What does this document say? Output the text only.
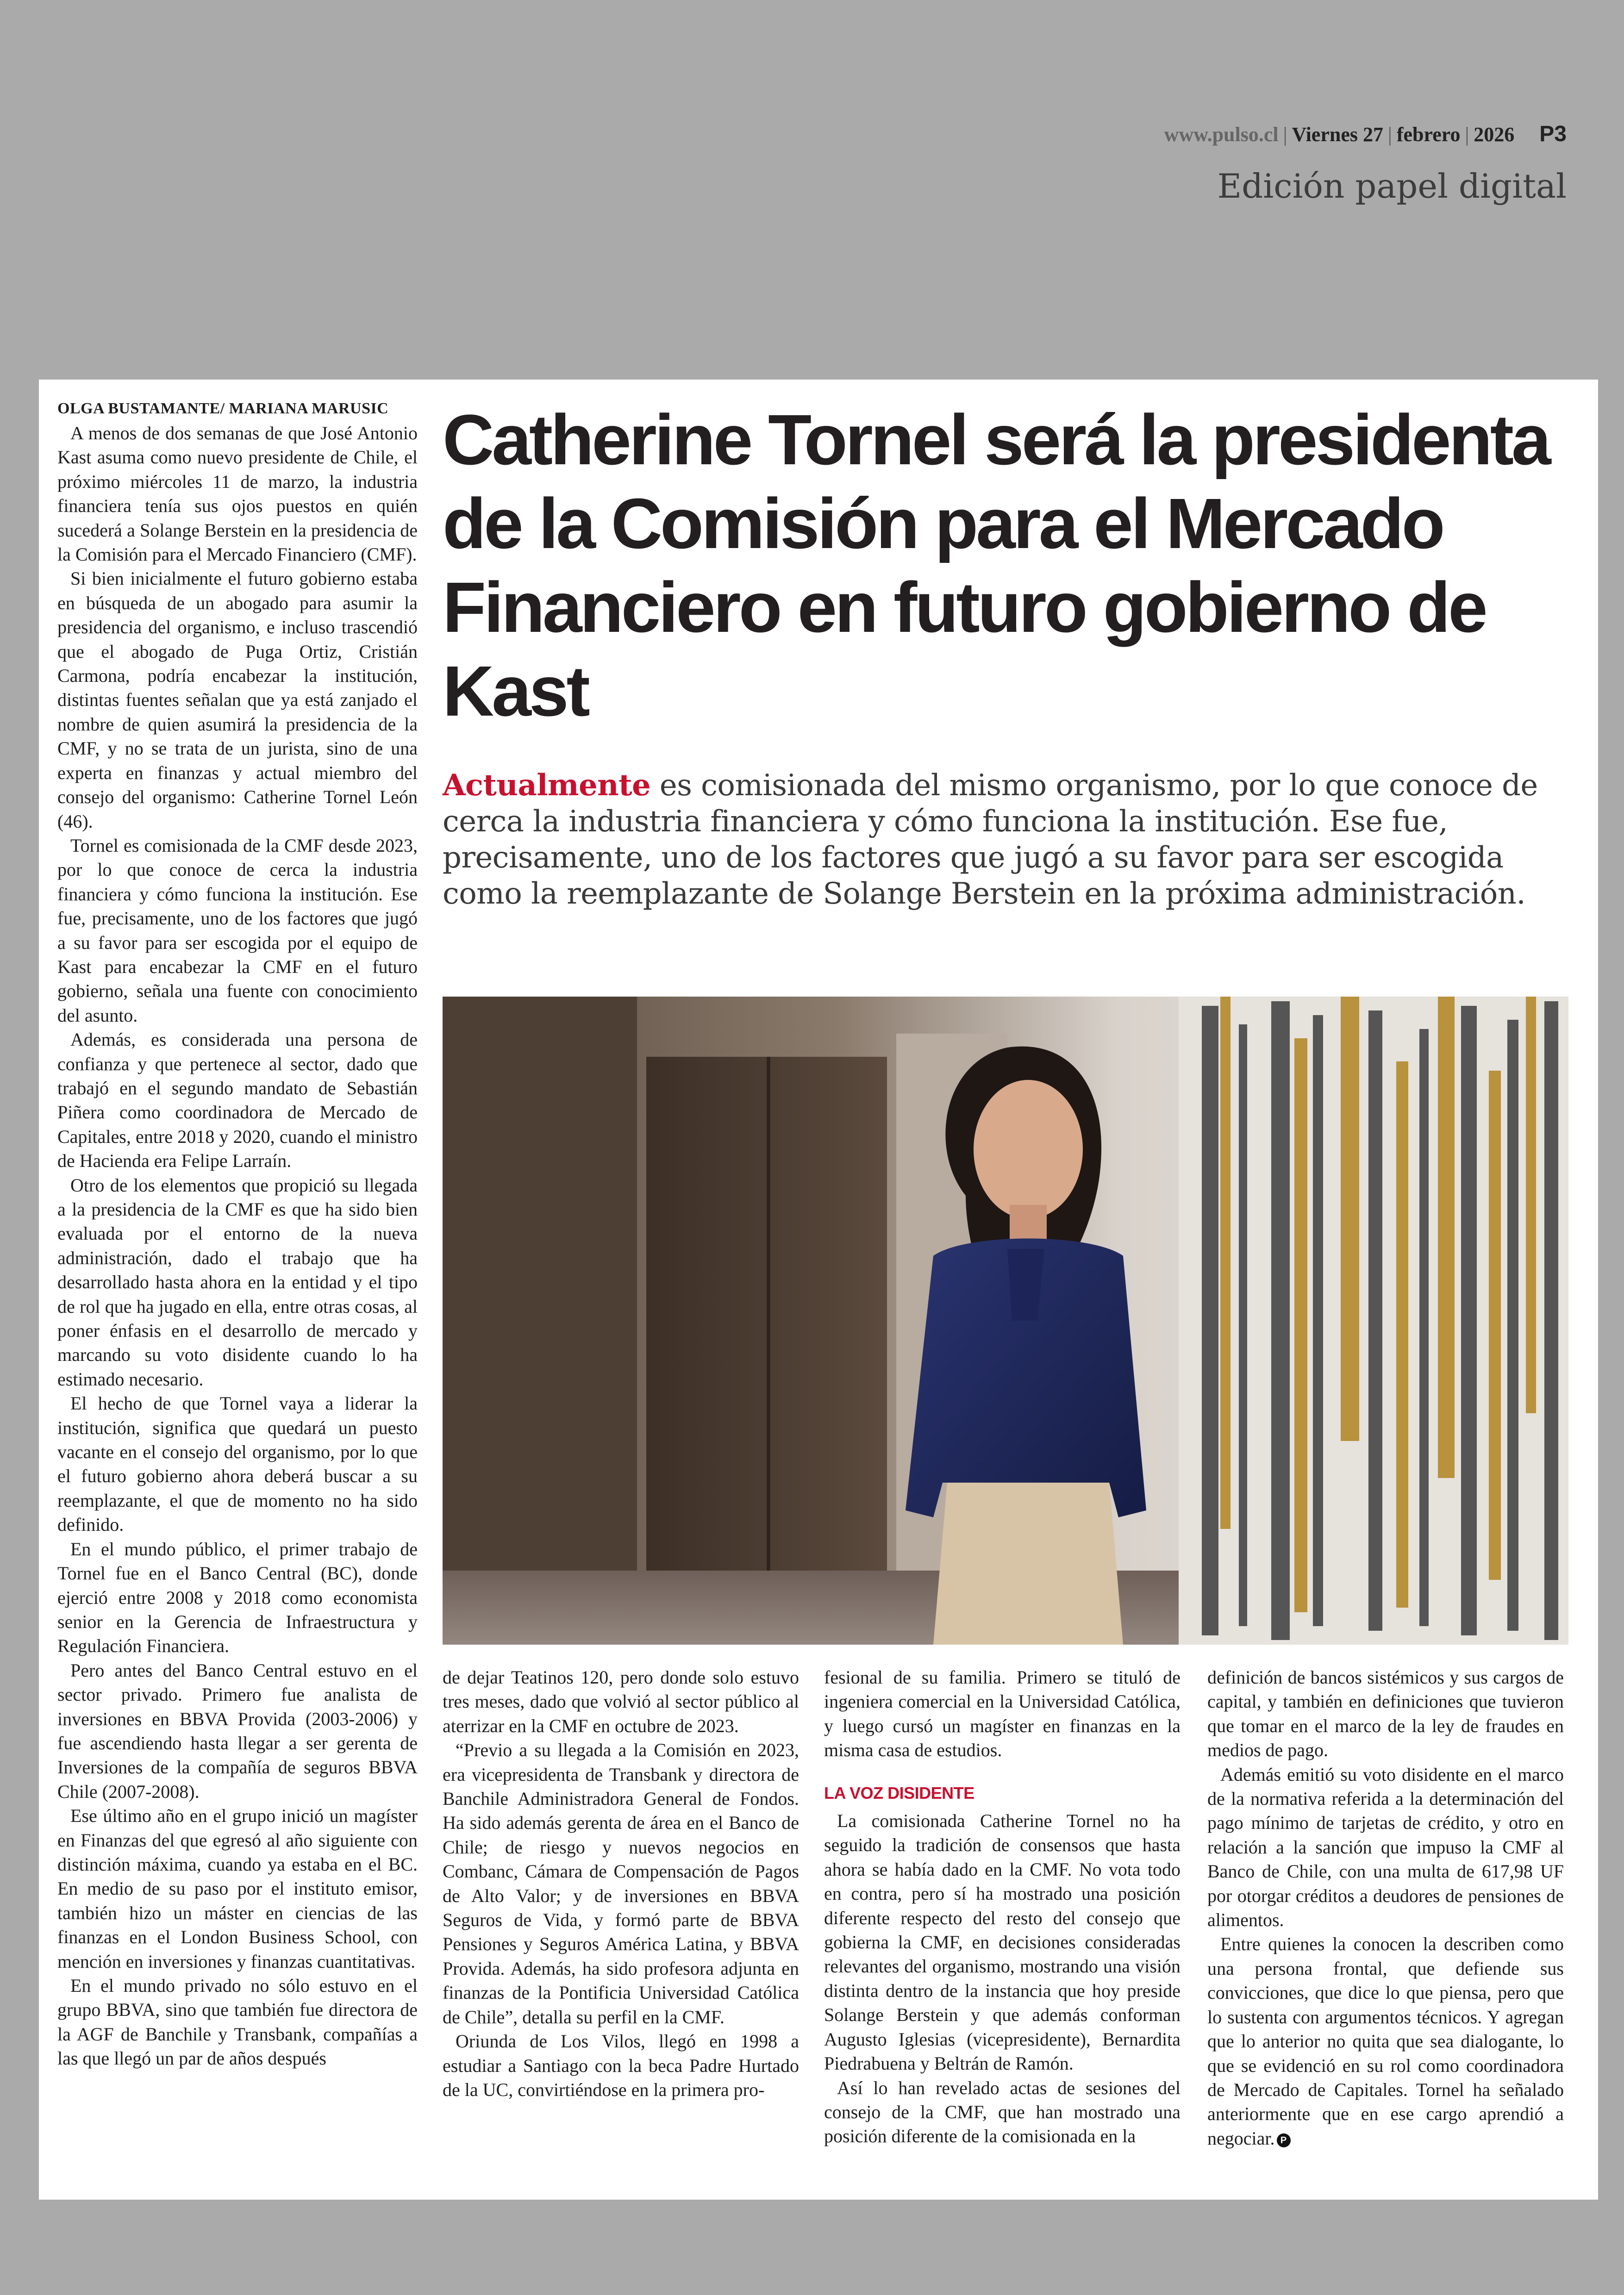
www.pulso.cl | Viernes 27 | febrero | 2026 P3
Edición papel digital

OLGA BUSTAMANTE/ MARIANA MARUSIC

A menos de dos semanas de que José Antonio Kast asuma como nuevo presidente de Chile, el próximo miércoles 11 de marzo, la industria financiera tenía sus ojos puestos en quién sucederá a Solange Berstein en la presidencia de la Comisión para el Mercado Financiero (CMF).

Si bien inicialmente el futuro gobierno estaba en búsqueda de un abogado para asumir la presidencia del organismo, e incluso trascendió que el abogado de Puga Ortiz, Cristián Carmona, podría encabezar la institución, distintas fuentes señalan que ya está zanjado el nombre de quien asumirá la presidencia de la CMF, y no se trata de un jurista, sino de una experta en finanzas y actual miembro del consejo del organismo: Catherine Tornel León (46).

Tornel es comisionada de la CMF desde 2023, por lo que conoce de cerca la industria financiera y cómo funciona la institución. Ese fue, precisamente, uno de los factores que jugó a su favor para ser escogida por el equipo de Kast para encabezar la CMF en el futuro gobierno, señala una fuente con conocimiento del asunto.

Además, es considerada una persona de confianza y que pertenece al sector, dado que trabajó en el segundo mandato de Sebastián Piñera como coordinadora de Mercado de Capitales, entre 2018 y 2020, cuando el ministro de Hacienda era Felipe Larraín.

Otro de los elementos que propició su llegada a la presidencia de la CMF es que ha sido bien evaluada por el entorno de la nueva administración, dado el trabajo que ha desarrollado hasta ahora en la entidad y el tipo de rol que ha jugado en ella, entre otras cosas, al poner énfasis en el desarrollo de mercado y marcando su voto disidente cuando lo ha estimado necesario.

El hecho de que Tornel vaya a liderar la institución, significa que quedará un puesto vacante en el consejo del organismo, por lo que el futuro gobierno ahora deberá buscar a su reemplazante, el que de momento no ha sido definido.

En el mundo público, el primer trabajo de Tornel fue en el Banco Central (BC), donde ejerció entre 2008 y 2018 como economista senior en la Gerencia de Infraestructura y Regulación Financiera.

Pero antes del Banco Central estuvo en el sector privado. Primero fue analista de inversiones en BBVA Provida (2003-2006) y fue ascendiendo hasta llegar a ser gerenta de Inversiones de la compañía de seguros BBVA Chile (2007-2008).

Ese último año en el grupo inició un magíster en Finanzas del que egresó al año siguiente con distinción máxima, cuando ya estaba en el BC. En medio de su paso por el instituto emisor, también hizo un máster en ciencias de las finanzas en el London Business School, con mención en inversiones y finanzas cuantitativas.

En el mundo privado no sólo estuvo en el grupo BBVA, sino que también fue directora de la AGF de Banchile y Transbank, compañías a las que llegó un par de años después

Catherine Tornel será la presidenta de la Comisión para el Mercado Financiero en futuro gobierno de Kast
Actualmente es comisionada del mismo organismo, por lo que conoce de cerca la industria financiera y cómo funciona la institución. Ese fue, precisamente, uno de los factores que jugó a su favor para ser escogida como la reemplazante de Solange Berstein en la próxima administración.

de dejar Teatinos 120, pero donde solo estuvo tres meses, dado que volvió al sector público al aterrizar en la CMF en octubre de 2023.

“Previo a su llegada a la Comisión en 2023, era vicepresidenta de Transbank y directora de Banchile Administradora General de Fondos. Ha sido además gerenta de área en el Banco de Chile; de riesgo y nuevos negocios en Combanc, Cámara de Compensación de Pagos de Alto Valor; y de inversiones en BBVA Seguros de Vida, y formó parte de BBVA Pensiones y Seguros América Latina, y BBVA Provida. Además, ha sido profesora adjunta en finanzas de la Pontificia Universidad Católica de Chile”, detalla su perfil en la CMF.

Oriunda de Los Vilos, llegó en 1998 a estudiar a Santiago con la beca Padre Hurtado de la UC, convirtiéndose en la primera pro-

fesional de su familia. Primero se tituló de ingeniera comercial en la Universidad Católica, y luego cursó un magíster en finanzas en la misma casa de estudios.

LA VOZ DISIDENTE

La comisionada Catherine Tornel no ha seguido la tradición de consensos que hasta ahora se había dado en la CMF. No vota todo en contra, pero sí ha mostrado una posición diferente respecto del resto del consejo que gobierna la CMF, en decisiones consideradas relevantes del organismo, mostrando una visión distinta dentro de la instancia que hoy preside Solange Berstein y que además conforman Augusto Iglesias (vicepresidente), Bernardita Piedrabuena y Beltrán de Ramón.

Así lo han revelado actas de sesiones del consejo de la CMF, que han mostrado una posición diferente de la comisionada en la

definición de bancos sistémicos y sus cargos de capital, y también en definiciones que tuvieron que tomar en el marco de la ley de fraudes en medios de pago.

Además emitió su voto disidente en el marco de la normativa referida a la determinación del pago mínimo de tarjetas de crédito, y otro en relación a la sanción que impuso la CMF al Banco de Chile, con una multa de 617,98 UF por otorgar créditos a deudores de pensiones de alimentos.

Entre quienes la conocen la describen como una persona frontal, que defiende sus convicciones, que dice lo que piensa, pero que lo sustenta con argumentos técnicos. Y agregan que lo anterior no quita que sea dialogante, lo que se evidenció en su rol como coordinadora de Mercado de Capitales. Tornel ha señalado anteriormente que en ese cargo aprendió a negociar. P
